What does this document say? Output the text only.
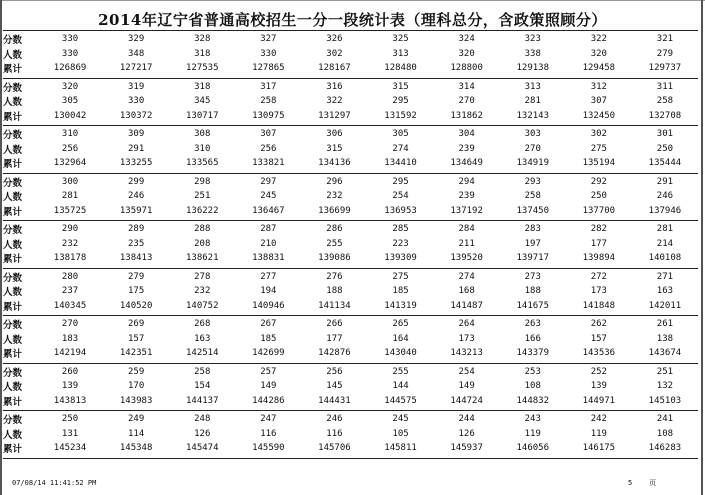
2014年辽宁省普通高校招生一分一段统计表（理科总分，含政策照顾分）
分数	330	329	328	327	326	325	324	323	322	321
人数	330	348	318	330	302	313	320	338	320	279
累计	126869	127217	127535	127865	128167	128480	128800	129138	129458	129737
分数	320	319	318	317	316	315	314	313	312	311
人数	305	330	345	258	322	295	270	281	307	258
累计	130042	130372	130717	130975	131297	131592	131862	132143	132450	132708
分数	310	309	308	307	306	305	304	303	302	301
人数	256	291	310	256	315	274	239	270	275	250
累计	132964	133255	133565	133821	134136	134410	134649	134919	135194	135444
分数	300	299	298	297	296	295	294	293	292	291
人数	281	246	251	245	232	254	239	258	250	246
累计	135725	135971	136222	136467	136699	136953	137192	137450	137700	137946
分数	290	289	288	287	286	285	284	283	282	281
人数	232	235	208	210	255	223	211	197	177	214
累计	138178	138413	138621	138831	139086	139309	139520	139717	139894	140108
分数	280	279	278	277	276	275	274	273	272	271
人数	237	175	232	194	188	185	168	188	173	163
累计	140345	140520	140752	140946	141134	141319	141487	141675	141848	142011
分数	270	269	268	267	266	265	264	263	262	261
人数	183	157	163	185	177	164	173	166	157	138
累计	142194	142351	142514	142699	142876	143040	143213	143379	143536	143674
分数	260	259	258	257	256	255	254	253	252	251
人数	139	170	154	149	145	144	149	108	139	132
累计	143813	143983	144137	144286	144431	144575	144724	144832	144971	145103
分数	250	249	248	247	246	245	244	243	242	241
人数	131	114	126	116	116	105	126	119	119	108
累计	145234	145348	145474	145590	145706	145811	145937	146056	146175	146283
07/08/14 11:41:52 PM	5 页
